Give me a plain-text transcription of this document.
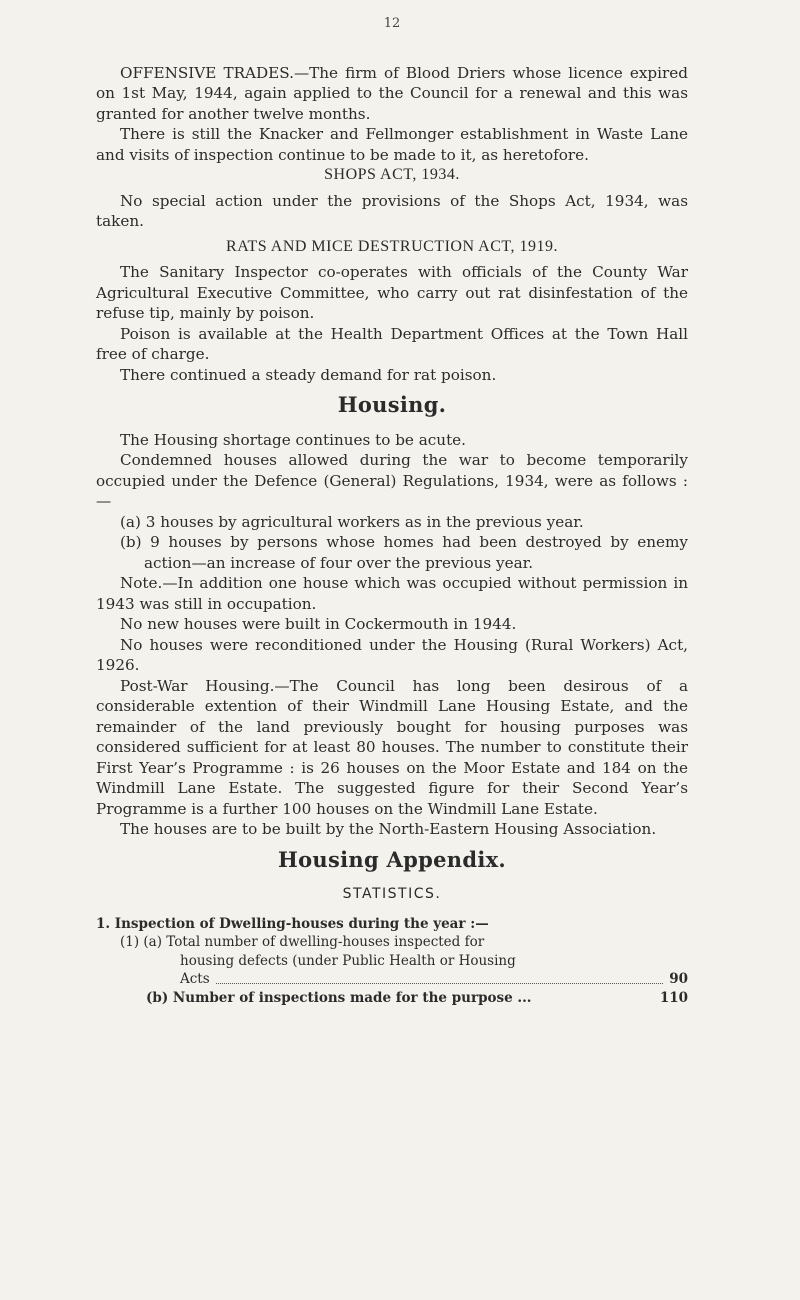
12

OFFENSIVE TRADES.—The firm of Blood Driers whose licence expired on 1st May, 1944, again applied to the Council for a renewal and this was granted for another twelve months.

There is still the Knacker and Fellmonger establishment in Waste Lane and visits of inspection continue to be made to it, as heretofore.

SHOPS ACT, 1934.

No special action under the provisions of the Shops Act, 1934, was taken.

RATS AND MICE DESTRUCTION ACT, 1919.

The Sanitary Inspector co-operates with officials of the County War Agricultural Executive Committee, who carry out rat disinfestation of the refuse tip, mainly by poison.

Poison is available at the Health Department Offices at the Town Hall free of charge.

There continued a steady demand for rat poison.

Housing.

The Housing shortage continues to be acute.

Condemned houses allowed during the war to become temporarily occupied under the Defence (General) Regulations, 1934, were as follows :—

(a) 3 houses by agricultural workers as in the previous year.

(b) 9 houses by persons whose homes had been destroyed by enemy action—an increase of four over the previous year.

Note.—In addition one house which was occupied without permission in 1943 was still in occupation.

No new houses were built in Cockermouth in 1944.

No houses were reconditioned under the Housing (Rural Workers) Act, 1926.

Post-War Housing.—The Council has long been desirous of a considerable extention of their Windmill Lane Housing Estate, and the remainder of the land previously bought for housing purposes was considered sufficient for at least 80 houses. The number to constitute their First Year’s Programme : is 26 houses on the Moor Estate and 184 on the Windmill Lane Estate. The suggested figure for their Second Year’s Programme is a further 100 houses on the Windmill Lane Estate.

The houses are to be built by the North-Eastern Housing Association.

Housing Appendix.
STATISTICS.
1. Inspection of Dwelling-houses during the year :—
(1) (a) Total number of dwelling-houses inspected for
housing defects (under Public Health or Housing
Acts	90
(b) Number of inspections made for the purpose ...	110
